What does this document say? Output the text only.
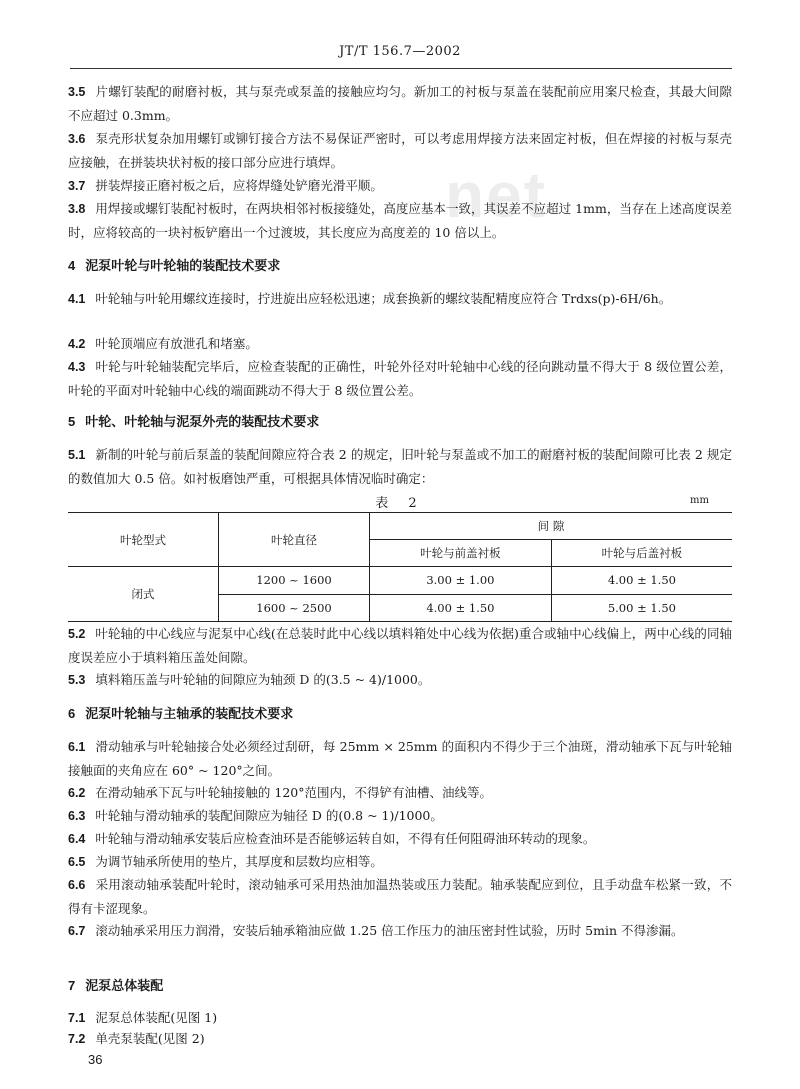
JT/T 156.7—2002
net
3.5 片螺钉装配的耐磨衬板，其与泵壳或泵盖的接触应均匀。新加工的衬板与泵盖在装配前应用案尺检查，其最大间隙不应超过 0.3mm。
3.6 泵壳形状复杂加用螺钉或铆钉接合方法不易保证严密时，可以考虑用焊接方法来固定衬板，但在焊接的衬板与泵壳应接触，在拼装块状衬板的接口部分应进行填焊。
3.7 拼装焊接正磨衬板之后，应将焊缝处铲磨光滑平顺。
3.8 用焊接或螺钉装配衬板时，在两块相邻衬板接缝处，高度应基本一致，其误差不应超过 1mm，当存在上述高度误差时，应将较高的一块衬板铲磨出一个过渡坡，其长度应为高度差的 10 倍以上。
4 泥泵叶轮与叶轮轴的装配技术要求
4.1 叶轮轴与叶轮用螺纹连接时，拧进旋出应轻松迅速；成套换新的螺纹装配精度应符合 Trdxs(p)-6H/6h。
4.2 叶轮顶端应有放泄孔和堵塞。
4.3 叶轮与叶轮轴装配完毕后，应检查装配的正确性，叶轮外径对叶轮轴中心线的径向跳动量不得大于 8 级位置公差，叶轮的平面对叶轮轴中心线的端面跳动不得大于 8 级位置公差。
5 叶轮、叶轮轴与泥泵外壳的装配技术要求
5.1 新制的叶轮与前后泵盖的装配间隙应符合表 2 的规定，旧叶轮与泵盖或不加工的耐磨衬板的装配间隙可比表 2 规定的数值加大 0.5 倍。如衬板磨蚀严重，可根据具体情况临时确定：
表 2	mm
叶轮型式	叶轮直径	间 隙	
		叶轮与前盖衬板	叶轮与后盖衬板
闭式	1200 ~ 1600	3.00 ± 1.00	4.00 ± 1.50
	1600 ~ 2500	4.00 ± 1.50	5.00 ± 1.50
5.2 叶轮轴的中心线应与泥泵中心线(在总装时此中心线以填料箱处中心线为依据)重合或轴中心线偏上，两中心线的同轴度误差应小于填料箱压盖处间隙。
5.3 填料箱压盖与叶轮轴的间隙应为轴颈 D 的(3.5 ~ 4)/1000。
6 泥泵叶轮轴与主轴承的装配技术要求
6.1 滑动轴承与叶轮轴接合处必须经过刮研，每 25mm × 25mm 的面积内不得少于三个油斑，滑动轴承下瓦与叶轮轴接触面的夹角应在 60° ~ 120°之间。
6.2 在滑动轴承下瓦与叶轮轴接触的 120°范围内，不得铲有油槽、油线等。
6.3 叶轮轴与滑动轴承的装配间隙应为轴径 D 的(0.8 ~ 1)/1000。
6.4 叶轮轴与滑动轴承安装后应检查油环是否能够运转自如，不得有任何阻碍油环转动的现象。
6.5 为调节轴承所使用的垫片，其厚度和层数均应相等。
6.6 采用滚动轴承装配叶轮时，滚动轴承可采用热油加温热装或压力装配。轴承装配应到位，且手动盘车松紧一致，不得有卡涩现象。
6.7 滚动轴承采用压力润滑，安装后轴承箱油应做 1.25 倍工作压力的油压密封性试验，历时 5min 不得渗漏。
7 泥泵总体装配
7.1 泥泵总体装配(见图 1)
7.2 单壳泵装配(见图 2)
36
